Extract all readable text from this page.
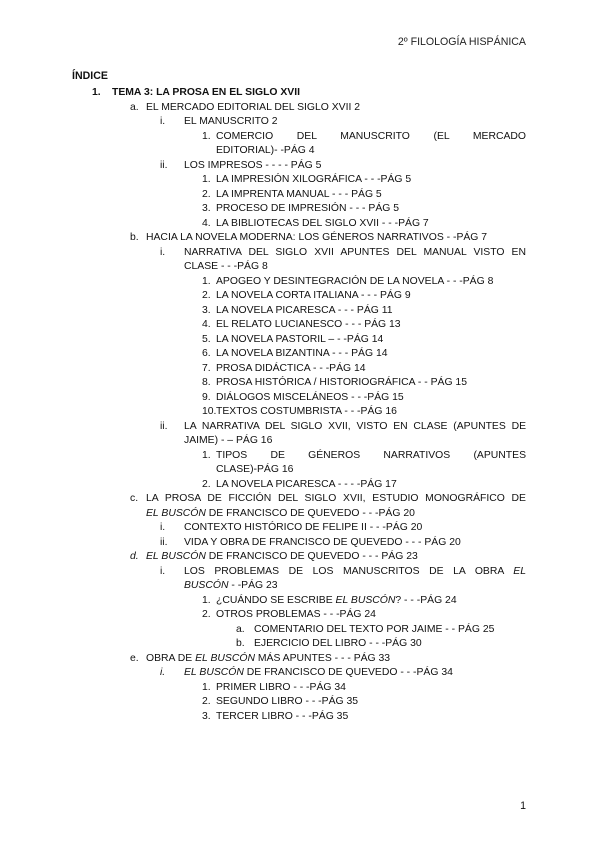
2º FILOLOGÍA HISPÁNICA
ÍNDICE
1.	TEMA 3: LA PROSA EN EL SIGLO XVII
a. EL MERCADO EDITORIAL DEL SIGLO XVII 2
i.	EL MANUSCRITO 2
1. COMERCIO DEL MANUSCRITO (EL MERCADO
EDITORIAL)- -PÁG 4
ii.	LOS IMPRESOS - - - - PÁG 5
1. LA IMPRESIÓN XILOGRÁFICA - - -PÁG 5
2. LA IMPRENTA MANUAL - - - PÁG 5
3. PROCESO DE IMPRESIÓN - - - PÁG 5
4. LA BIBLIOTECAS DEL SIGLO XVII - - -PÁG 7
b. HACIA LA NOVELA MODERNA: LOS GÉNEROS NARRATIVOS - -PÁG 7
i.	NARRATIVA DEL SIGLO XVII APUNTES DEL MANUAL VISTO EN
CLASE - - -PÁG 8
1. APOGEO Y DESINTEGRACIÓN DE LA NOVELA - - -PÁG 8
2. LA NOVELA CORTA ITALIANA - - - PÁG 9
3. LA NOVELA PICARESCA - - - PÁG 11
4. EL RELATO LUCIANESCO - - - PÁG 13
5. LA NOVELA PASTORIL – - -PÁG 14
6. LA NOVELA BIZANTINA - - - PÁG 14
7. PROSA DIDÁCTICA - - -PÁG 14
8. PROSA HISTÓRICA / HISTORIOGRÁFICA - - PÁG 15
9. DIÁLOGOS MISCELÁNEOS - - -PÁG 15
10. TEXTOS COSTUMBRISTA - - -PÁG 16
ii.	LA NARRATIVA DEL SIGLO XVII, VISTO EN CLASE (APUNTES DE
JAIME) - – PÁG 16
1. TIPOS DE GÉNEROS NARRATIVOS (APUNTES
CLASE)-PÁG 16
2. LA NOVELA PICARESCA - - - -PÁG 17
c. LA PROSA DE FICCIÓN DEL SIGLO XVII, ESTUDIO MONOGRÁFICO DE
EL BUSCÓN DE FRANCISCO DE QUEVEDO - - -PÁG 20
i.	CONTEXTO HISTÓRICO DE FELIPE II - - -PÁG 20
ii.	VIDA Y OBRA DE FRANCISCO DE QUEVEDO - - - PÁG 20
d. EL BUSCÓN DE FRANCISCO DE QUEVEDO - - - PÁG 23
i.	LOS PROBLEMAS DE LOS MANUSCRITOS DE LA OBRA EL
BUSCÓN - -PÁG 23
1. ¿CUÁNDO SE ESCRIBE EL BUSCÓN? - - -PÁG 24
2. OTROS PROBLEMAS - - -PÁG 24
a. COMENTARIO DEL TEXTO POR JAIME - - PÁG 25
b. EJERCICIO DEL LIBRO - - -PÁG 30
e. OBRA DE EL BUSCÓN MÁS APUNTES - - - PÁG 33
i.	EL BUSCÓN DE FRANCISCO DE QUEVEDO - - -PÁG 34
1. PRIMER LIBRO - - -PÁG 34
2. SEGUNDO LIBRO - - -PÁG 35
3. TERCER LIBRO - - -PÁG 35
1
